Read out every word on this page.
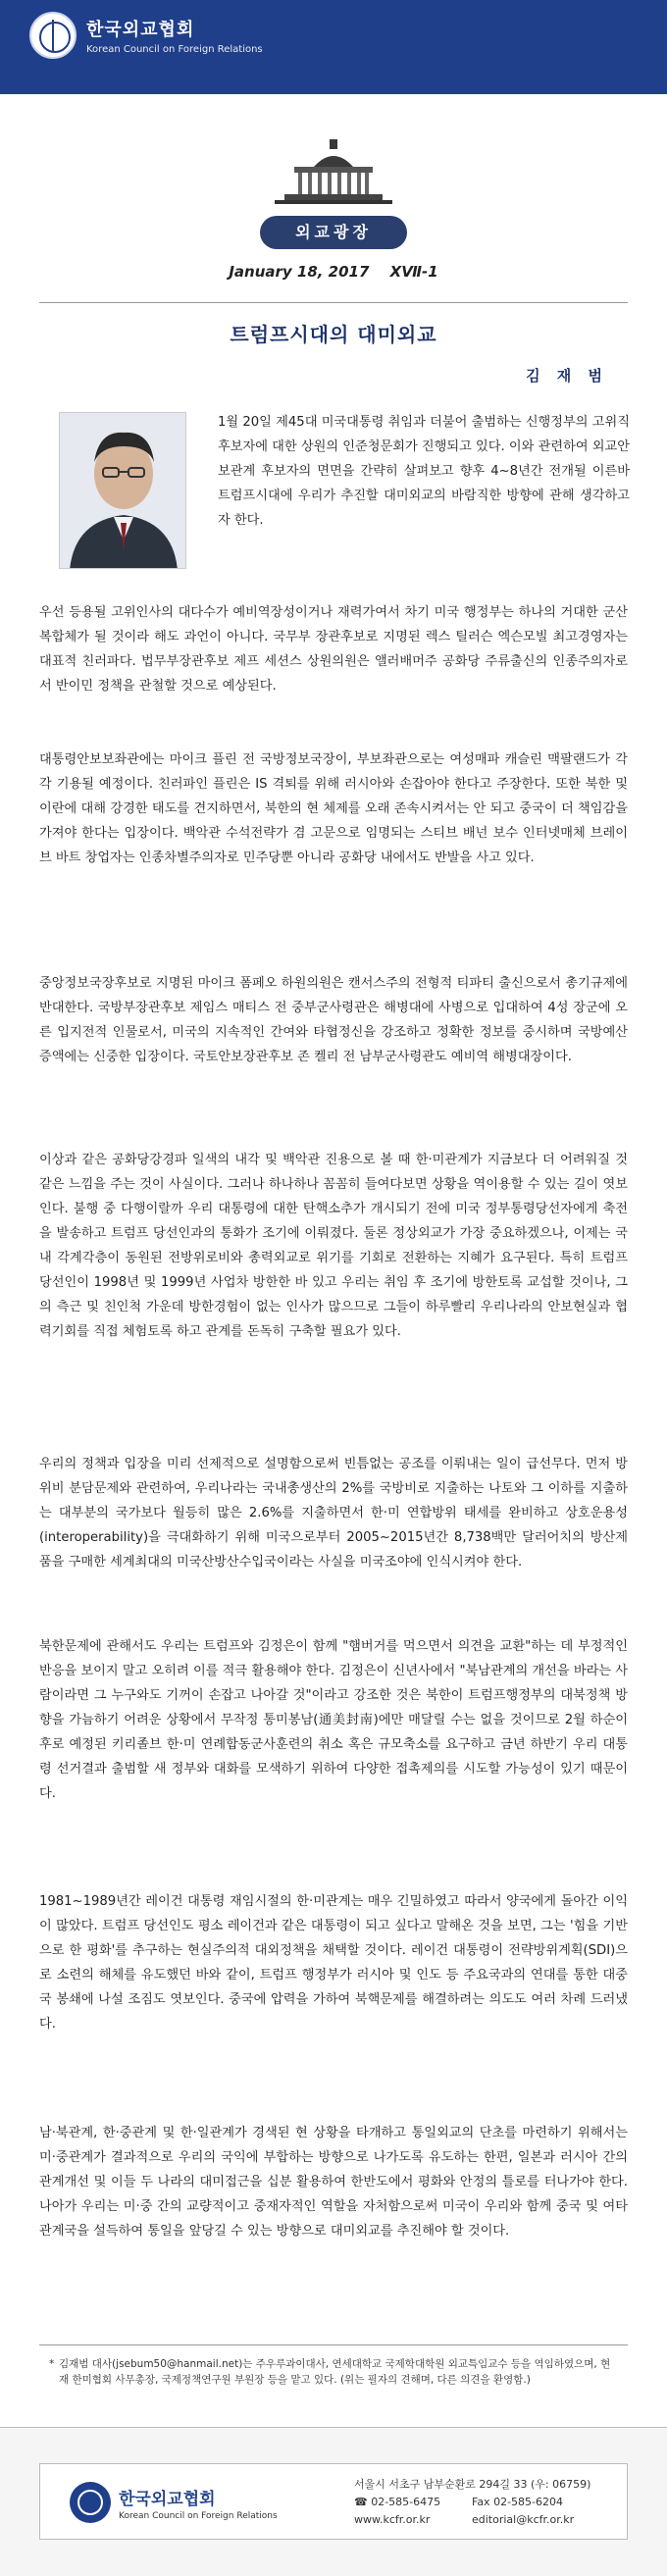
한국외교협회
Korean Council on Foreign Relations
외교광장
January 18, 2017 XⅦ-1
트럼프시대의 대미외교
김 재 범

1월 20일 제45대 미국대통령 취임과 더불어 출범하는 신행정부의 고위직후보자에 대한 상원의 인준청문회가 진행되고 있다. 이와 관련하여 외교안보관계 후보자의 면면을 간략히 살펴보고 향후 4~8년간 전개될 이른바 트럼프시대에 우리가 추진할 대미외교의 바람직한 방향에 관해 생각하고자 한다.

우선 등용될 고위인사의 대다수가 예비역장성이거나 재력가여서 차기 미국 행정부는 하나의 거대한 군산복합체가 될 것이라 해도 과언이 아니다. 국무부 장관후보로 지명된 렉스 틸러슨 엑슨모빌 최고경영자는 대표적 친러파다. 법무부장관후보 제프 세션스 상원의원은 앨러배머주 공화당 주류출신의 인종주의자로서 반이민 정책을 관철할 것으로 예상된다.

대통령안보보좌관에는 마이크 플린 전 국방정보국장이, 부보좌관으로는 여성매파 캐슬린 맥팔랜드가 각각 기용될 예정이다. 친러파인 플린은 IS 격퇴를 위해 러시아와 손잡아야 한다고 주장한다. 또한 북한 및 이란에 대해 강경한 태도를 견지하면서, 북한의 현 체제를 오래 존속시켜서는 안 되고 중국이 더 책임감을 가져야 한다는 입장이다. 백악관 수석전략가 겸 고문으로 임명되는 스티브 배넌 보수 인터넷매체 브레이브 바트 창업자는 인종차별주의자로 민주당뿐 아니라 공화당 내에서도 반발을 사고 있다.

중앙정보국장후보로 지명된 마이크 폼페오 하원의원은 캔서스주의 전형적 티파티 출신으로서 총기규제에 반대한다. 국방부장관후보 제임스 매티스 전 중부군사령관은 해병대에 사병으로 입대하여 4성 장군에 오른 입지전적 인물로서, 미국의 지속적인 간여와 타협정신을 강조하고 정확한 정보를 중시하며 국방예산 증액에는 신중한 입장이다. 국토안보장관후보 존 켈리 전 남부군사령관도 예비역 해병대장이다.

이상과 같은 공화당강경파 일색의 내각 및 백악관 진용으로 볼 때 한·미관계가 지금보다 더 어려워질 것 같은 느낌을 주는 것이 사실이다. 그러나 하나하나 꼼꼼히 들여다보면 상황을 역이용할 수 있는 길이 엿보인다. 불행 중 다행이랄까 우리 대통령에 대한 탄핵소추가 개시되기 전에 미국 정부통령당선자에게 축전을 발송하고 트럼프 당선인과의 통화가 조기에 이뤄졌다. 둘론 정상외교가 가장 중요하겠으나, 이제는 국내 각계각층이 동원된 전방위로비와 총력외교로 위기를 기회로 전환하는 지혜가 요구된다. 특히 트럼프 당선인이 1998년 및 1999년 사업차 방한한 바 있고 우리는 취임 후 조기에 방한토록 교섭할 것이나, 그의 측근 및 친인척 가운데 방한경험이 없는 인사가 많으므로 그들이 하루빨리 우리나라의 안보현실과 협력기회를 직접 체험토록 하고 관계를 돈독히 구축할 필요가 있다.

우리의 정책과 입장을 미리 선제적으로 설명함으로써 빈틈없는 공조를 이뤄내는 일이 급선무다. 먼저 방위비 분담문제와 관련하여, 우리나라는 국내총생산의 2%를 국방비로 지출하는 나토와 그 이하를 지출하는 대부분의 국가보다 월등히 많은 2.6%를 지출하면서 한·미 연합방위 태세를 완비하고 상호운용성(interoperability)을 극대화하기 위해 미국으로부터 2005~2015년간 8,738백만 달러어치의 방산제품을 구매한 세계최대의 미국산방산수입국이라는 사실을 미국조야에 인식시켜야 한다.

북한문제에 관해서도 우리는 트럼프와 김정은이 함께 "햄버거를 먹으면서 의견을 교환"하는 데 부정적인 반응을 보이지 말고 오히려 이를 적극 활용해야 한다. 김정은이 신년사에서 "북남관계의 개선을 바라는 사람이라면 그 누구와도 기꺼이 손잡고 나아갈 것"이라고 강조한 것은 북한이 트럼프행정부의 대북정책 방향을 가늠하기 어려운 상황에서 무작정 통미봉남(通美封南)에만 매달릴 수는 없을 것이므로 2월 하순이후로 예정된 키리졸브 한·미 연례합동군사훈련의 취소 혹은 규모축소를 요구하고 금년 하반기 우리 대통령 선거결과 출범할 새 정부와 대화를 모색하기 위하여 다양한 접촉제의를 시도할 가능성이 있기 때문이다.

1981~1989년간 레이건 대통령 재임시절의 한·미관계는 매우 긴밀하였고 따라서 양국에게 돌아간 이익이 많았다. 트럼프 당선인도 평소 레이건과 같은 대통령이 되고 싶다고 말해온 것을 보면, 그는 '힘을 기반으로 한 평화'를 추구하는 현실주의적 대외정책을 채택할 것이다. 레이건 대통령이 전략방위계획(SDI)으로 소련의 해체를 유도했던 바와 같이, 트럼프 행정부가 러시아 및 인도 등 주요국과의 연대를 통한 대중국 봉쇄에 나설 조짐도 엿보인다. 중국에 압력을 가하여 북핵문제를 해결하려는 의도도 여러 차례 드러냈다.

남·북관계, 한·중관계 및 한·일관계가 경색된 현 상황을 타개하고 통일외교의 단초를 마련하기 위해서는 미·중관계가 결과적으로 우리의 국익에 부합하는 방향으로 나가도록 유도하는 한편, 일본과 러시아 간의 관계개선 및 이들 두 나라의 대미접근을 십분 활용하여 한반도에서 평화와 안정의 틀로를 터나가야 한다. 나아가 우리는 미·중 간의 교량적이고 중재자적인 역할을 자처함으로써 미국이 우리와 함께 중국 및 여타 관계국을 설득하여 통일을 앞당길 수 있는 방향으로 대미외교를 추진해야 할 것이다.

* 김재범 대사(jsebum50@hanmail.net)는 주우루과이대사, 연세대학교 국제학대학원 외교특임교수 등을 역임하였으며, 현재 한미협회 사무총장, 국제정책연구원 부원장 등을 맡고 있다. (위는 필자의 견해며, 다른 의견을 환영함.)

한국외교협회
Korean Council on Foreign Relations
서울시 서초구 남부순환로 294길 33 (우: 06759)
☎ 02-585-6475	Fax 02-585-6204
www.kcfr.or.kr	editorial@kcfr.or.kr
